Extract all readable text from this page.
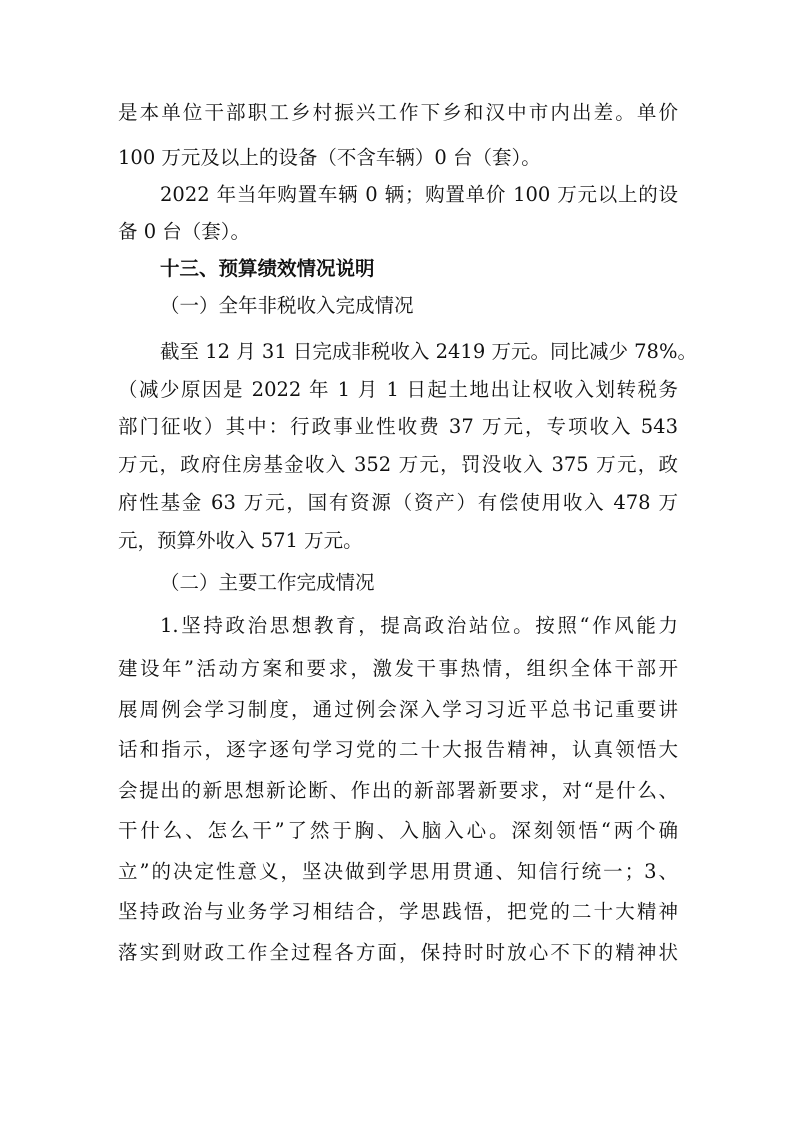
是本单位干部职工乡村振兴工作下乡和汉中市内出差。单价
100 万元及以上的设备（不含车辆）0 台（套）。
2022 年当年购置车辆 0 辆；购置单价 100 万元以上的设
备 0 台（套）。
十三、预算绩效情况说明
（一）全年非税收入完成情况
截至 12 月 31 日完成非税收入 2419 万元。同比减少 78%。
（减少原因是 2022 年 1 月 1 日起土地出让权收入划转税务
部门征收）其中：行政事业性收费 37 万元，专项收入 543
万元，政府住房基金收入 352 万元，罚没收入 375 万元，政
府性基金 63 万元，国有资源（资产）有偿使用收入 478 万
元，预算外收入 571 万元。
（二）主要工作完成情况
1.坚持政治思想教育，提高政治站位。按照“作风能力
建设年”活动方案和要求，激发干事热情，组织全体干部开
展周例会学习制度，通过例会深入学习习近平总书记重要讲
话和指示，逐字逐句学习党的二十大报告精神，认真领悟大
会提出的新思想新论断、作出的新部署新要求，对“是什么、
干什么、怎么干”了然于胸、入脑入心。深刻领悟“两个确
立”的决定性意义，坚决做到学思用贯通、知信行统一；3、
坚持政治与业务学习相结合，学思践悟，把党的二十大精神
落实到财政工作全过程各方面，保持时时放心不下的精神状
